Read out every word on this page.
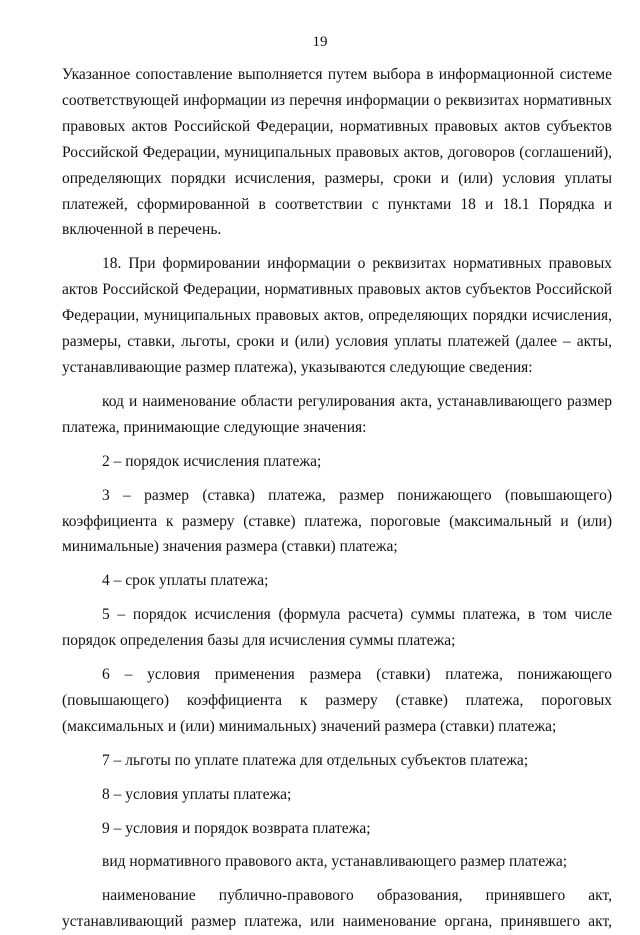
19

Указанное сопоставление выполняется путем выбора в информационной системе соответствующей информации из перечня информации о реквизитах нормативных правовых актов Российской Федерации, нормативных правовых актов субъектов Российской Федерации, муниципальных правовых актов, договоров (соглашений), определяющих порядки исчисления, размеры, сроки и (или) условия уплаты платежей, сформированной в соответствии с пунктами 18 и 18.1 Порядка и включенной в перечень.

18. При формировании информации о реквизитах нормативных правовых актов Российской Федерации, нормативных правовых актов субъектов Российской Федерации, муниципальных правовых актов, определяющих порядки исчисления, размеры, ставки, льготы, сроки и (или) условия уплаты платежей (далее – акты, устанавливающие размер платежа), указываются следующие сведения:

код и наименование области регулирования акта, устанавливающего размер платежа, принимающие следующие значения:

2 – порядок исчисления платежа;

3 – размер (ставка) платежа, размер понижающего (повышающего) коэффициента к размеру (ставке) платежа, пороговые (максимальный и (или) минимальные) значения размера (ставки) платежа;

4 – срок уплаты платежа;

5 – порядок исчисления (формула расчета) суммы платежа, в том числе порядок определения базы для исчисления суммы платежа;

6 – условия применения размера (ставки) платежа, понижающего (повышающего) коэффициента к размеру (ставке) платежа, пороговых (максимальных и (или) минимальных) значений размера (ставки) платежа;

7 – льготы по уплате платежа для отдельных субъектов платежа;

8 – условия уплаты платежа;

9 – условия и порядок возврата платежа;

вид нормативного правового акта, устанавливающего размер платежа;

наименование публично-правового образования, принявшего акт, устанавливающий размер платежа, или наименование органа, принявшего акт,
